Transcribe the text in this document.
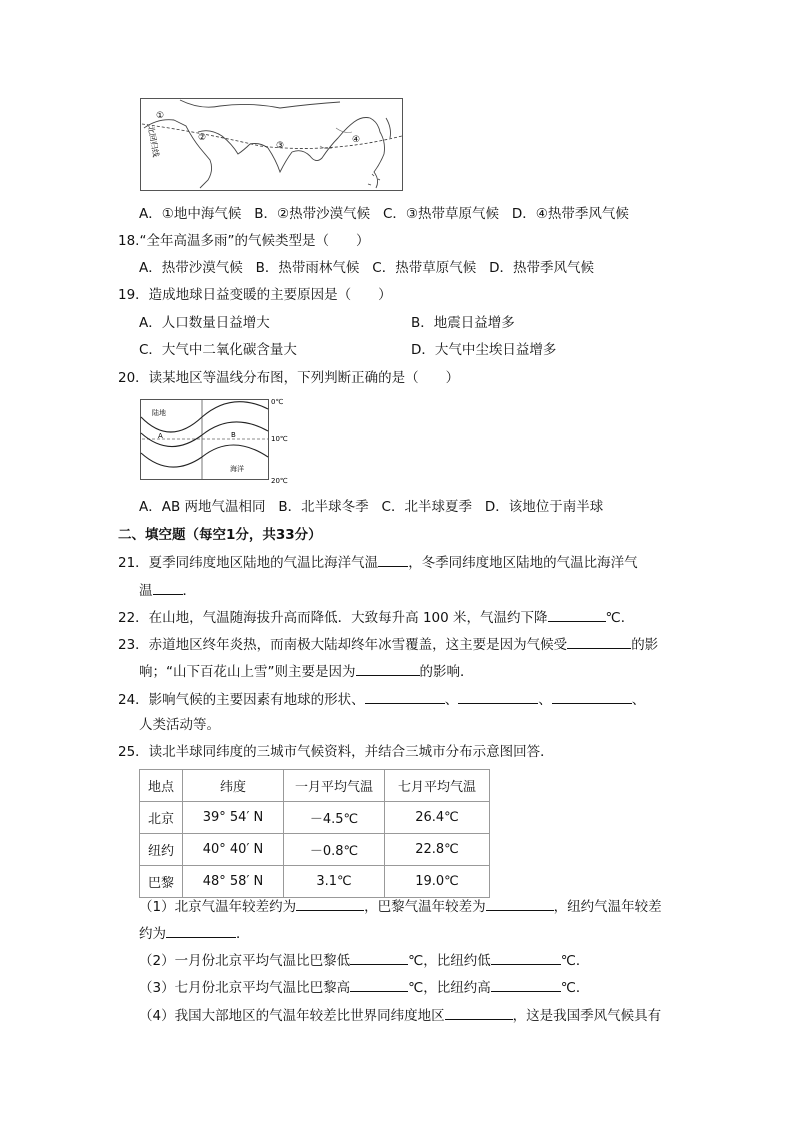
北回归线
①
②
③
④
A．①地中海气候 B．②热带沙漠气候 C．③热带草原气候 D．④热带季风气候
18.“全年高温多雨”的气候类型是（　　）
A．热带沙漠气候 B．热带雨林气候 C．热带草原气候 D．热带季风气候
19．造成地球日益变暖的主要原因是（　　）
A．人口数量日益增大	B．地震日益增多
C．大气中二氧化碳含量大	D．大气中尘埃日益增多
20．读某地区等温线分布图，下列判断正确的是（　　）
陆地
海洋
A	B
0℃
10℃
20℃
A．AB 两地气温相同 B．北半球冬季 C．北半球夏季 D．该地位于南半球
二、填空题（每空1分，共33分）
21．夏季同纬度地区陆地的气温比海洋气温 ，冬季同纬度地区陆地的气温比海洋气
温 ．
22．在山地，气温随海拔升高而降低．大致每升高 100 米，气温约下降	℃．
23．赤道地区终年炎热，而南极大陆却终年冰雪覆盖，这主要是因为气候受	的影
响；“山下百花山上雪”则主要是因为	的影响．
24．影响气候的主要因素有地球的形状、	、	、	、
人类活动等。
25．读北半球同纬度的三城市气候资料，并结合三城市分布示意图回答．
地点	纬度	一月平均气温	七月平均气温
北京	39° 54′ N	－4.5℃	26.4℃
纽约	40° 40′ N	－0.8℃	22.8℃
巴黎	48° 58′ N	3.1℃	19.0℃
（1）北京气温年较差约为	，巴黎气温年较差为	，纽约气温年较差
约为	．
（2）一月份北京平均气温比巴黎低	℃，比纽约低	℃．
（3）七月份北京平均气温比巴黎高	℃，比纽约高	℃．
（4）我国大部地区的气温年较差比世界同纬度地区	，这是我国季风气候具有
